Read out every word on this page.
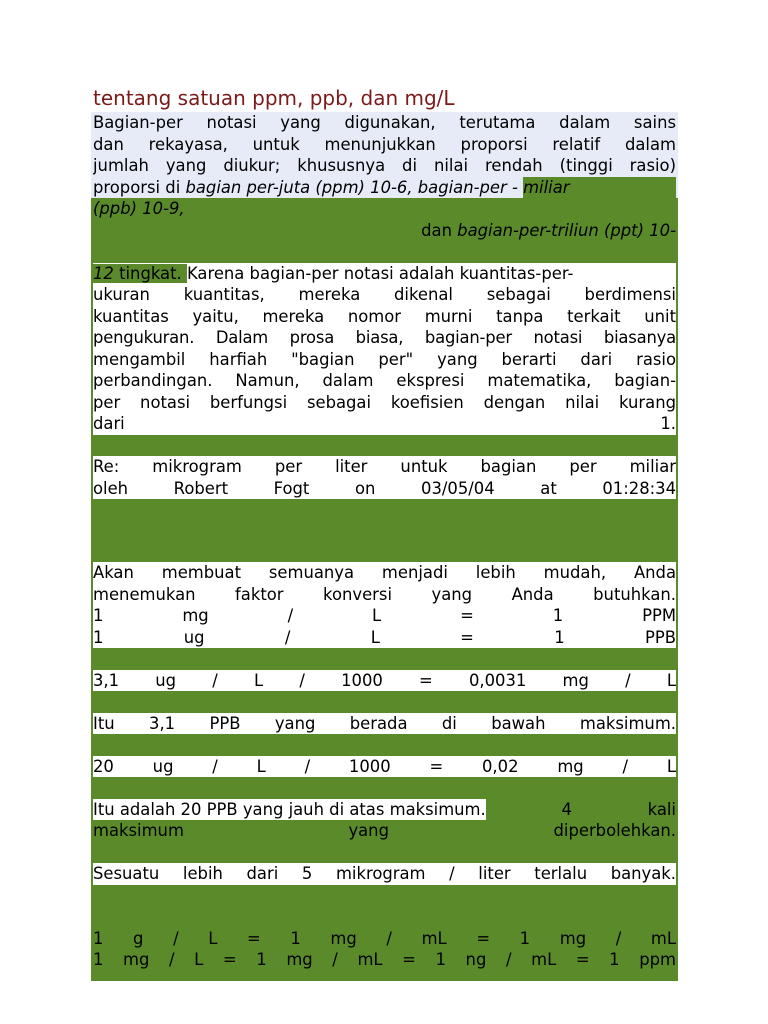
tentang satuan ppm, ppb, dan mg/L
Bagian-per notasi yang digunakan, terutama dalam sains
dan rekayasa, untuk menunjukkan proporsi relatif dalam
jumlah yang diukur; khususnya di nilai rendah (tinggi rasio)
proporsi di bagian per-juta (ppm) 10-6, bagian-per - miliar
(ppb) 10-9,

dan bagian-per-triliun (ppt) 10-

12 tingkat. Karena bagian-per notasi adalah kuantitas-per-
ukuran kuantitas, mereka dikenal sebagai berdimensi
kuantitas yaitu, mereka nomor murni tanpa terkait unit
pengukuran. Dalam prosa biasa, bagian-per notasi biasanya
mengambil harfiah "bagian per" yang berarti dari rasio
perbandingan. Namun, dalam ekspresi matematika, bagian-
per notasi berfungsi sebagai koefisien dengan nilai kurang
dari 1.
Re: mikrogram per liter untuk bagian per miliar
oleh Robert Fogt on 03/05/04 at 01:28:34
Akan membuat semuanya menjadi lebih mudah, Anda
menemukan faktor konversi yang Anda butuhkan.
1 mg / L = 1 PPM
1 ug / L = 1 PPB
3,1 ug / L / 1000 = 0,0031 mg / L
Itu 3,1 PPB yang berada di bawah maksimum.
20 ug / L / 1000 = 0,02 mg / L
Itu adalah 20 PPB yang jauh di atas maksimum. 4 kali
maksimum yang diperbolehkan.
Sesuatu lebih dari 5 mikrogram / liter terlalu banyak.
1 g / L = 1 mg / mL = 1 mg / mL
1 mg / L = 1 mg / mL = 1 ng / mL = 1 ppm
